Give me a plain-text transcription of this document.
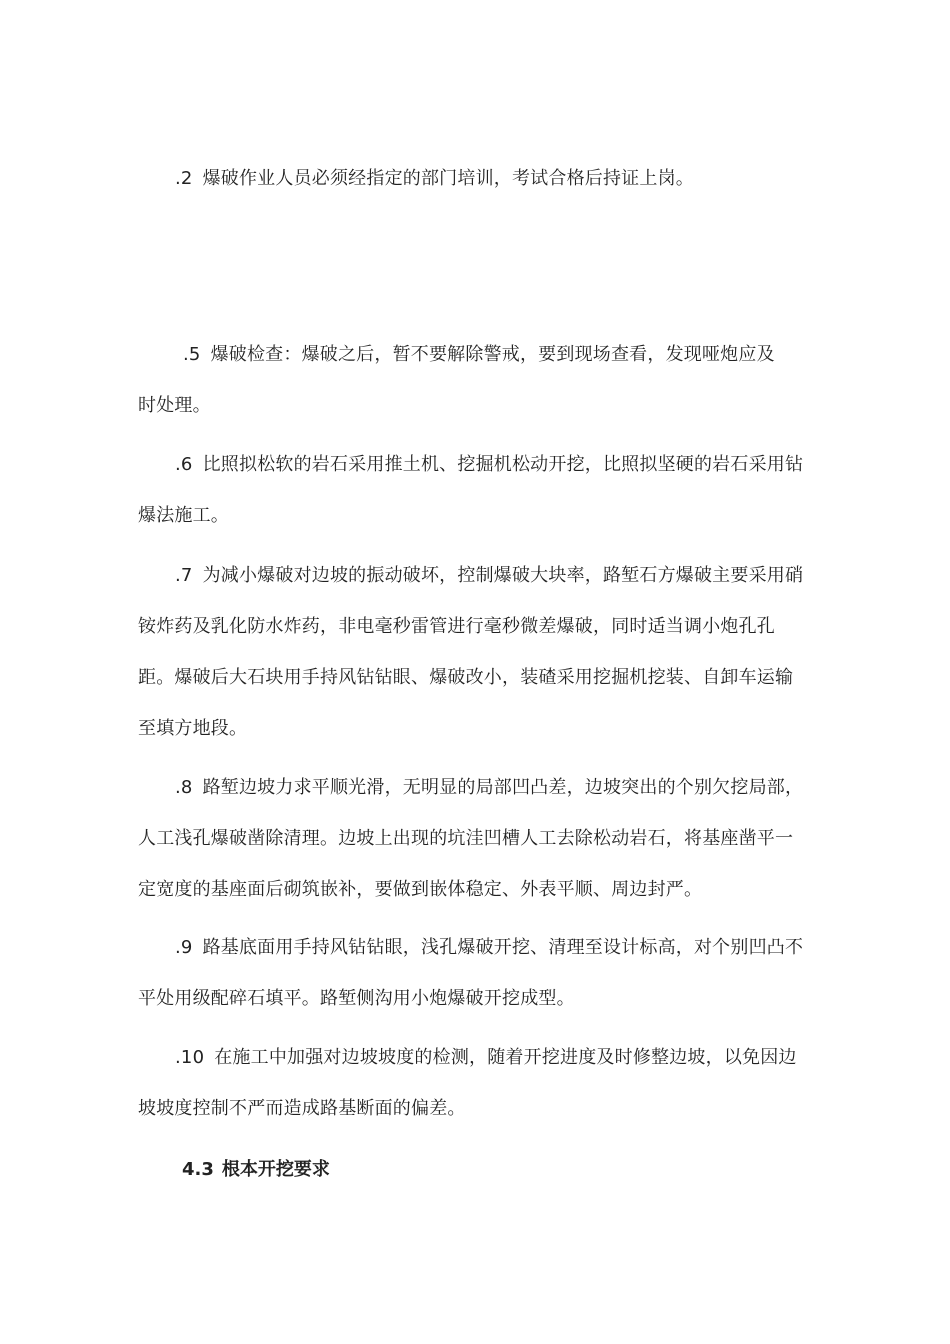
.2 爆破作业人员必须经指定的部门培训，考试合格后持证上岗。

.5 爆破检查：爆破之后，暂不要解除警戒，要到现场查看，发现哑炮应及
时处理。

.6 比照拟松软的岩石采用推土机、挖掘机松动开挖，比照拟坚硬的岩石采用钻爆法施工。

.7 为减小爆破对边坡的振动破坏，控制爆破大块率，路堑石方爆破主要采用硝铵炸药及乳化防水炸药，非电毫秒雷管进行毫秒微差爆破，同时适当调小炮孔孔距。爆破后大石块用手持风钻钻眼、爆破改小，装碴采用挖掘机挖装、自卸车运输至填方地段。

.8 路堑边坡力求平顺光滑，无明显的局部凹凸差，边坡突出的个别欠挖局部，人工浅孔爆破凿除清理。边坡上出现的坑洼凹槽人工去除松动岩石，将基座凿平一定宽度的基座面后砌筑嵌补，要做到嵌体稳定、外表平顺、周边封严。

.9 路基底面用手持风钻钻眼，浅孔爆破开挖、清理至设计标高，对个别凹凸不平处用级配碎石填平。路堑侧沟用小炮爆破开挖成型。

.10 在施工中加强对边坡坡度的检测，随着开挖进度及时修整边坡，以免因边坡坡度控制不严而造成路基断面的偏差。

4.3 根本开挖要求
